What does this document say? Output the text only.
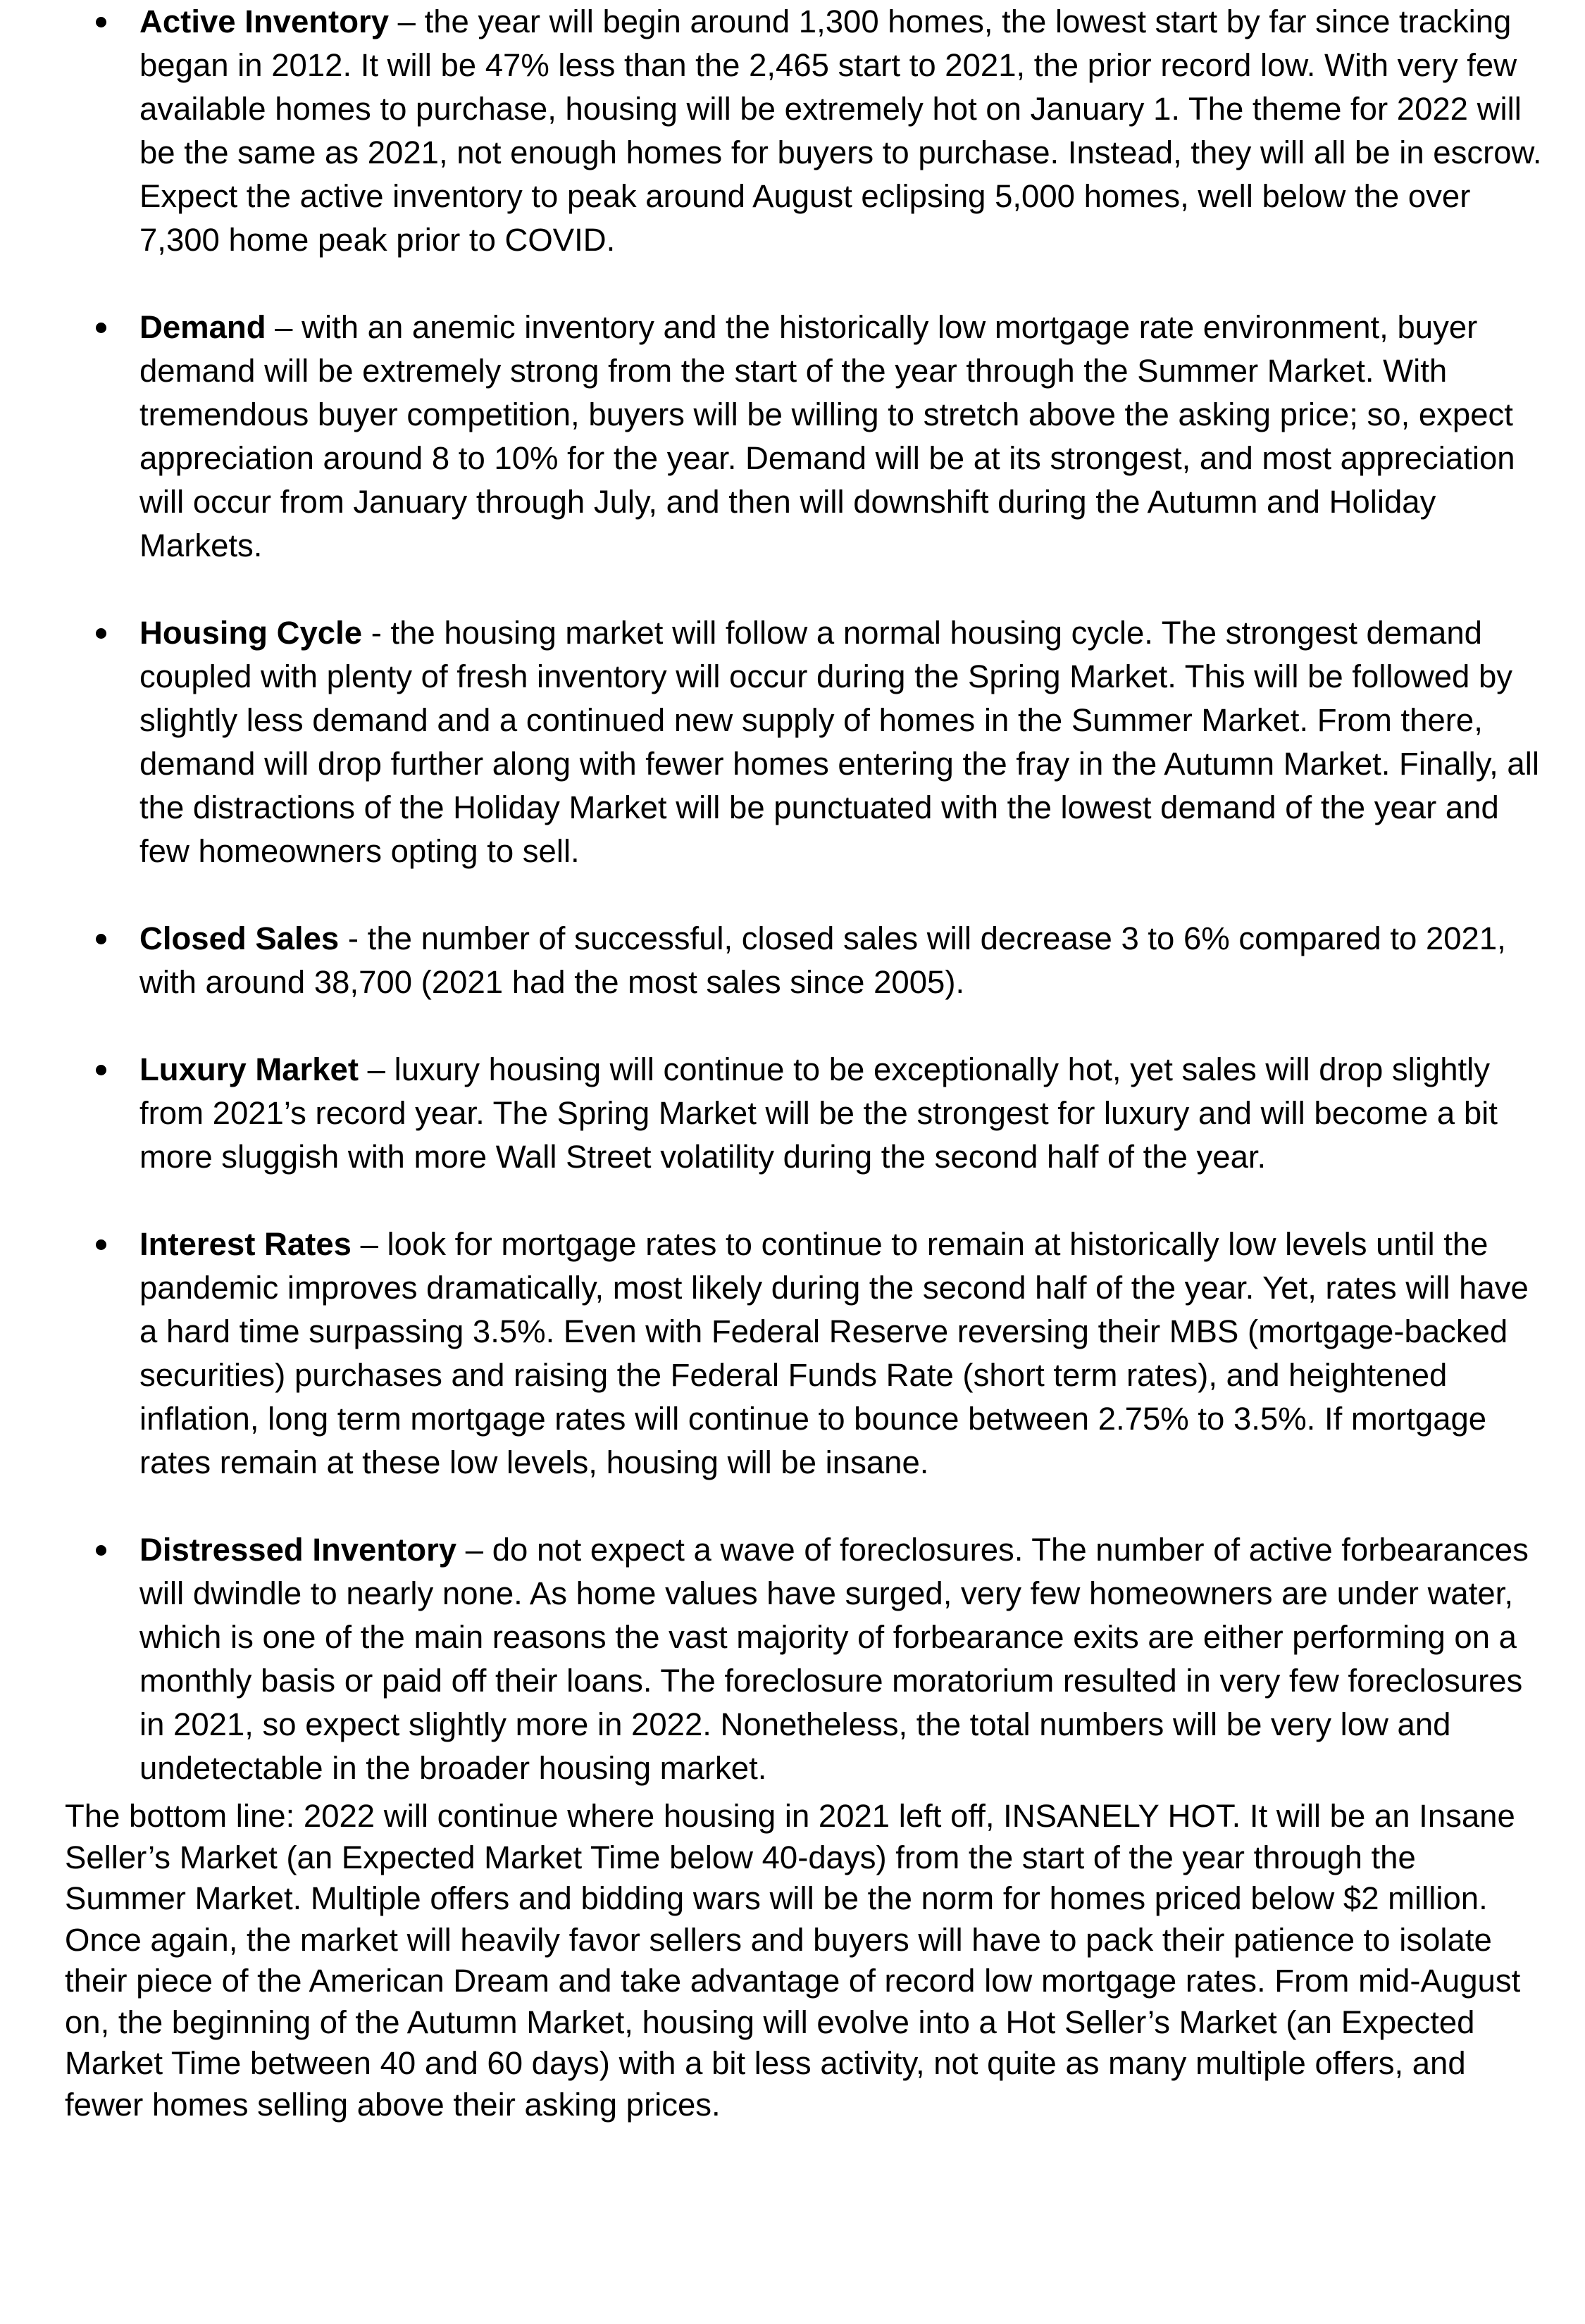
Active Inventory – the year will begin around 1,300 homes, the lowest start by far since tracking began in 2012. It will be 47% less than the 2,465 start to 2021, the prior record low. With very few available homes to purchase, housing will be extremely hot on January 1. The theme for 2022 will be the same as 2021, not enough homes for buyers to purchase. Instead, they will all be in escrow. Expect the active inventory to peak around August eclipsing 5,000 homes, well below the over 7,300 home peak prior to COVID.
Demand – with an anemic inventory and the historically low mortgage rate environment, buyer demand will be extremely strong from the start of the year through the Summer Market. With tremendous buyer competition, buyers will be willing to stretch above the asking price; so, expect appreciation around 8 to 10% for the year. Demand will be at its strongest, and most appreciation will occur from January through July, and then will downshift during the Autumn and Holiday Markets.
Housing Cycle - the housing market will follow a normal housing cycle. The strongest demand coupled with plenty of fresh inventory will occur during the Spring Market. This will be followed by slightly less demand and a continued new supply of homes in the Summer Market. From there, demand will drop further along with fewer homes entering the fray in the Autumn Market. Finally, all the distractions of the Holiday Market will be punctuated with the lowest demand of the year and few homeowners opting to sell.
Closed Sales - the number of successful, closed sales will decrease 3 to 6% compared to 2021, with around 38,700 (2021 had the most sales since 2005).
Luxury Market – luxury housing will continue to be exceptionally hot, yet sales will drop slightly from 2021’s record year. The Spring Market will be the strongest for luxury and will become a bit more sluggish with more Wall Street volatility during the second half of the year.
Interest Rates – look for mortgage rates to continue to remain at historically low levels until the pandemic improves dramatically, most likely during the second half of the year. Yet, rates will have a hard time surpassing 3.5%. Even with Federal Reserve reversing their MBS (mortgage-backed securities) purchases and raising the Federal Funds Rate (short term rates), and heightened inflation, long term mortgage rates will continue to bounce between 2.75% to 3.5%. If mortgage rates remain at these low levels, housing will be insane.
Distressed Inventory – do not expect a wave of foreclosures. The number of active forbearances will dwindle to nearly none. As home values have surged, very few homeowners are under water, which is one of the main reasons the vast majority of forbearance exits are either performing on a monthly basis or paid off their loans. The foreclosure moratorium resulted in very few foreclosures in 2021, so expect slightly more in 2022. Nonetheless, the total numbers will be very low and undetectable in the broader housing market.

The bottom line: 2022 will continue where housing in 2021 left off, INSANELY HOT. It will be an Insane Seller’s Market (an Expected Market Time below 40-days) from the start of the year through the Summer Market. Multiple offers and bidding wars will be the norm for homes priced below $2 million. Once again, the market will heavily favor sellers and buyers will have to pack their patience to isolate their piece of the American Dream and take advantage of record low mortgage rates. From mid-August on, the beginning of the Autumn Market, housing will evolve into a Hot Seller’s Market (an Expected Market Time between 40 and 60 days) with a bit less activity, not quite as many multiple offers, and fewer homes selling above their asking prices.
